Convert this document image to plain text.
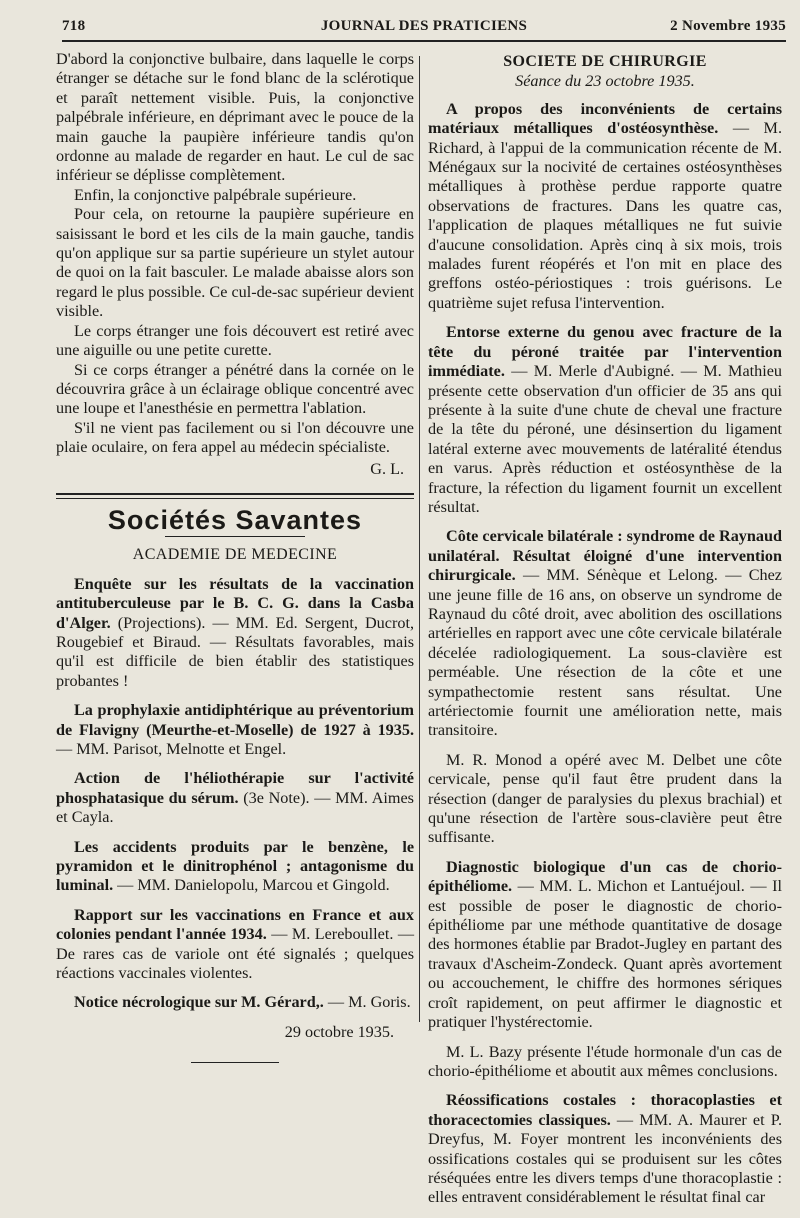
718	JOURNAL DES PRATICIENS	2 Novembre 1935

D'abord la conjonctive bulbaire, dans laquelle le corps étranger se détache sur le fond blanc de la sclérotique et paraît nettement visible. Puis, la conjonctive palpébrale inférieure, en déprimant avec le pouce de la main gauche la paupière inférieure tandis qu'on ordonne au malade de regarder en haut. Le cul de sac inférieur se déplisse complètement.

Enfin, la conjonctive palpébrale supérieure.

Pour cela, on retourne la paupière supérieure en saisissant le bord et les cils de la main gauche, tandis qu'on applique sur sa partie supérieure un stylet autour de quoi on la fait basculer. Le malade abaisse alors son regard le plus possible. Ce cul-de-sac supérieur devient visible.

Le corps étranger une fois découvert est retiré avec une aiguille ou une petite curette.

Si ce corps étranger a pénétré dans la cornée on le découvrira grâce à un éclairage oblique concentré avec une loupe et l'anesthésie en permettra l'ablation.

S'il ne vient pas facilement ou si l'on découvre une plaie oculaire, on fera appel au médecin spécialiste.

G. L.

Sociétés Savantes
ACADEMIE DE MEDECINE

Enquête sur les résultats de la vaccination antituberculeuse par le B. C. G. dans la Casba d'Alger. (Projections). — MM. Ed. Sergent, Ducrot, Rougebief et Biraud. — Résultats favorables, mais qu'il est difficile de bien établir des statistiques probantes !

La prophylaxie antidiphtérique au préventorium de Flavigny (Meurthe-et-Moselle) de 1927 à 1935. — MM. Parisot, Melnotte et Engel.

Action de l'héliothérapie sur l'activité phosphatasique du sérum. (3e Note). — MM. Aimes et Cayla.

Les accidents produits par le benzène, le pyramidon et le dinitrophénol ; antagonisme du luminal. — MM. Danielopolu, Marcou et Gingold.

Rapport sur les vaccinations en France et aux colonies pendant l'année 1934. — M. Lereboullet. — De rares cas de variole ont été signalés ; quelques réactions vaccinales violentes.

Notice nécrologique sur M. Gérard,. — M. Goris.

29 octobre 1935.

SOCIETE DE CHIRURGIE
Séance du 23 octobre 1935.

A propos des inconvénients de certains matériaux métalliques d'ostéosynthèse. — M. Richard, à l'appui de la communication récente de M. Ménégaux sur la nocivité de certaines ostéosynthèses métalliques à prothèse perdue rapporte quatre observations de fractures. Dans les quatre cas, l'application de plaques métalliques ne fut suivie d'aucune consolidation. Après cinq à six mois, trois malades furent réopérés et l'on mit en place des greffons ostéo-périostiques : trois guérisons. Le quatrième sujet refusa l'intervention.

Entorse externe du genou avec fracture de la tête du péroné traitée par l'intervention immédiate. — M. Merle d'Aubigné. — M. Mathieu présente cette observation d'un officier de 35 ans qui présente à la suite d'une chute de cheval une fracture de la tête du péroné, une désinsertion du ligament latéral externe avec mouvements de latéralité étendus en varus. Après réduction et ostéosynthèse de la fracture, la réfection du ligament fournit un excellent résultat.

Côte cervicale bilatérale : syndrome de Raynaud unilatéral. Résultat éloigné d'une intervention chirurgicale. — MM. Sénèque et Lelong. — Chez une jeune fille de 16 ans, on observe un syndrome de Raynaud du côté droit, avec abolition des oscillations artérielles en rapport avec une côte cervicale bilatérale décelée radiologiquement. La sous-clavière est perméable. Une résection de la côte et une sympathectomie restent sans résultat. Une artériectomie fournit une amélioration nette, mais transitoire.

M. R. Monod a opéré avec M. Delbet une côte cervicale, pense qu'il faut être prudent dans la résection (danger de paralysies du plexus brachial) et qu'une résection de l'artère sous-clavière peut être suffisante.

Diagnostic biologique d'un cas de chorio-épithéliome. — MM. L. Michon et Lantuéjoul. — Il est possible de poser le diagnostic de chorio-épithéliome par une méthode quantitative de dosage des hormones établie par Bradot-Jugley en partant des travaux d'Ascheim-Zondeck. Quant après avortement ou accouchement, le chiffre des hormones sériques croît rapidement, on peut affirmer le diagnostic et pratiquer l'hystérectomie.

M. L. Bazy présente l'étude hormonale d'un cas de chorio-épithéliome et aboutit aux mêmes conclusions.

Réossifications costales : thoracoplasties et thoracectomies classiques. — MM. A. Maurer et P. Dreyfus, M. Foyer montrent les inconvénients des ossifications costales qui se produisent sur les côtes réséquées entre les divers temps d'une thoracoplastie : elles entravent considérablement le résultat final car
